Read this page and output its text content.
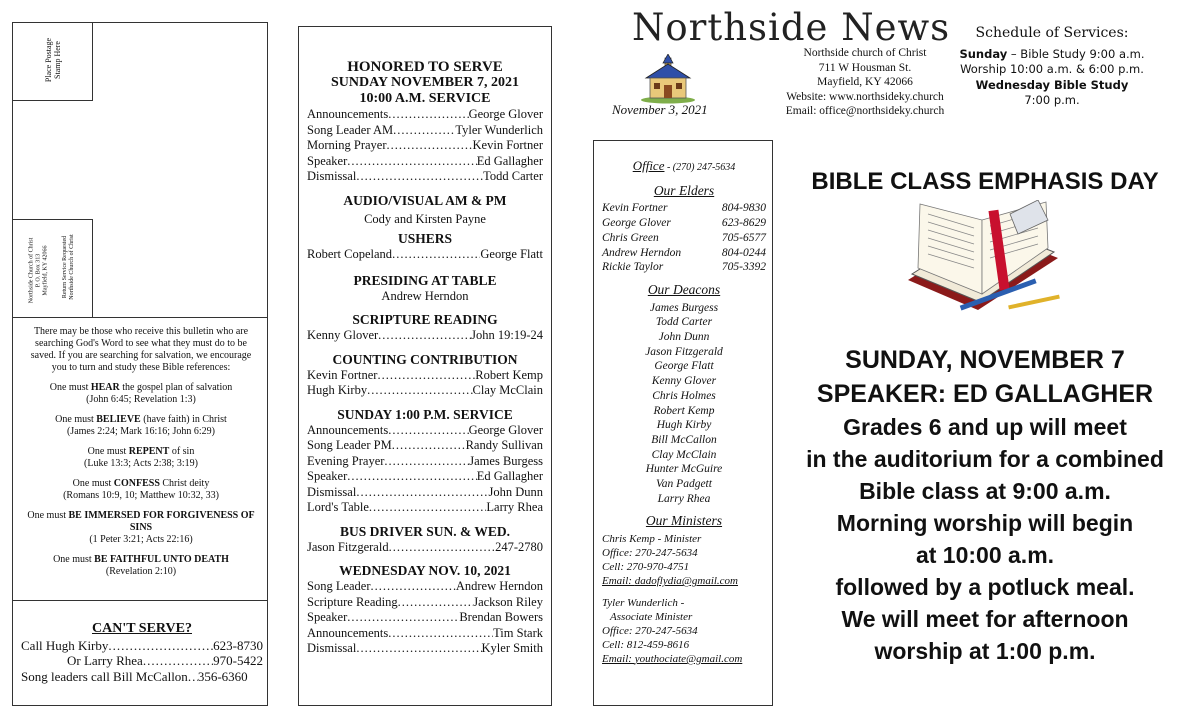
Place Postage Stamp Here
Northside Church of Christ P. O. Box 313 Mayfield, KY 42066 Return Service Requested Northside Church of Christ

There may be those who receive this bulletin who are searching God's Word to see what they must do to be saved. If you are searching for salvation, we encourage you to turn and study these Bible references:

One must HEAR the gospel plan of salvation
(John 6:45; Revelation 1:3)

One must BELIEVE (have faith) in Christ
(James 2:24; Mark 16:16; John 6:29)

One must REPENT of sin
(Luke 13:3; Acts 2:38; 3:19)

One must CONFESS Christ deity
(Romans 10:9, 10; Matthew 10:32, 33)

One must BE IMMERSED FOR FORGIVENESS OF SINS
(1 Peter 3:21; Acts 22:16)

One must BE FAITHFUL UNTO DEATH
(Revelation 2:10)

CAN'T SERVE?
Call Hugh Kirby .....	623-8730
Or Larry Rhea .....	970-5422
Song leaders call Bill McCallon ..... 356-6360
HONORED TO SERVE
SUNDAY NOVEMBER 7, 2021
10:00 A.M. SERVICE
Announcements .....	George Glover
Song Leader AM .....	Tyler Wunderlich
Morning Prayer .....	Kevin Fortner
Speaker .....	Ed Gallagher
Dismissal .....	Todd Carter
AUDIO/VISUAL AM & PM
Cody and Kirsten Payne
USHERS
Robert Copeland .....	George Flatt
PRESIDING AT TABLE
Andrew Herndon
SCRIPTURE READING
Kenny Glover .....	John 19:19-24
COUNTING CONTRIBUTION
Kevin Fortner .....	Robert Kemp
Hugh Kirby .....	Clay McClain
SUNDAY 1:00 P.M. SERVICE
Announcements .....	George Glover
Song Leader PM .....	Randy Sullivan
Evening Prayer .....	James Burgess
Speaker .....	Ed Gallagher
Dismissal .....	John Dunn
Lord's Table .....	Larry Rhea
BUS DRIVER SUN. & WED.
Jason Fitzgerald .....	247-2780
WEDNESDAY NOV. 10, 2021
Song Leader .....	Andrew Herndon
Scripture Reading .....	Jackson Riley
Speaker .....	Brendan Bowers
Announcements .....	Tim Stark
Dismissal .....	Kyler Smith
Northside News
November 3, 2021
Northside church of Christ
711 W Housman St.
Mayfield, KY 42066
Website: www.northsideky.church
Email: office@northsideky.church
Schedule of Services:
Sunday – Bible Study 9:00 a.m.
Worship 10:00 a.m. & 6:00 p.m.
Wednesday Bible Study
7:00 p.m.
Office - (270) 247-5634
Our Elders
Kevin Fortner	804-9830
George Glover	623-8629
Chris Green	705-6577
Andrew Herndon	804-0244
Rickie Taylor	705-3392
Our Deacons
James Burgess
Todd Carter
John Dunn
Jason Fitzgerald
George Flatt
Kenny Glover
Chris Holmes
Robert Kemp
Hugh Kirby
Bill McCallon
Clay McClain
Hunter McGuire
Van Padgett
Larry Rhea
Our Ministers
Chris Kemp - Minister
Office: 270-247-5634
Cell: 270-970-4751
Email: dadoflydia@gmail.com
Tyler Wunderlich -
Associate Minister
Office: 270-247-5634
Cell: 812-459-8616
Email: youthociate@gmail.com
BIBLE CLASS EMPHASIS DAY
SUNDAY, NOVEMBER 7
SPEAKER: ED GALLAGHER
Grades 6 and up will meet
in the auditorium for a combined
Bible class at 9:00 a.m.
Morning worship will begin
at 10:00 a.m.
followed by a potluck meal.
We will meet for afternoon
worship at 1:00 p.m.
